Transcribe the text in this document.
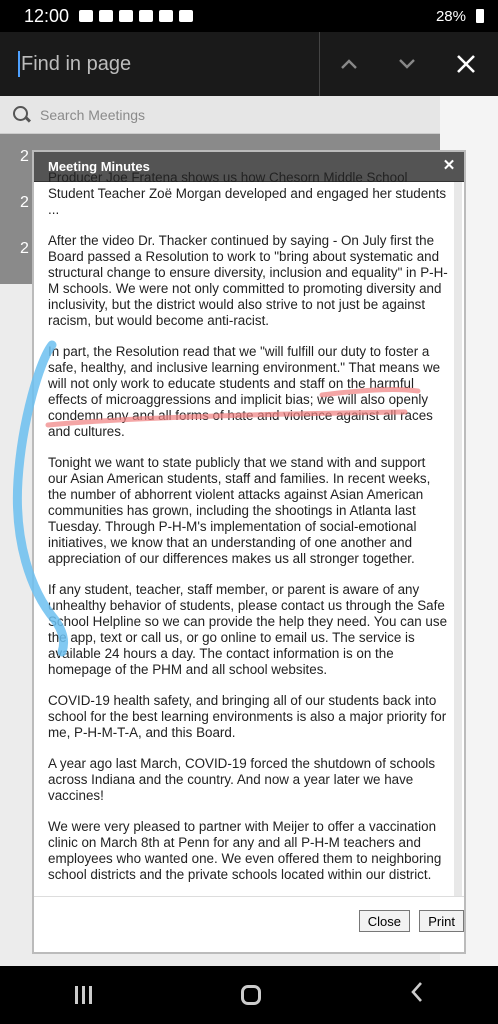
12:00	28%
Find in page
Search Meetings
2
2
2
Meeting Minutes	✕

Producer Joe Fratena shows us how Chesorn Middle School Student Teacher Zoë Morgan developed and engaged her students ...

After the video Dr. Thacker continued by saying - On July first the Board passed a Resolution to work to "bring about systematic and structural change to ensure diversity, inclusion and equality" in P-H-M schools. We were not only committed to promoting diversity and inclusivity, but the district would also strive to not just be against racism, but would become anti-racist.

In part, the Resolution read that we "will fulfill our duty to foster a safe, healthy, and inclusive learning environment." That means we will not only work to educate students and staff on the harmful effects of microaggressions and implicit bias; we will also openly condemn any and all forms of hate and violence against all races and cultures.

Tonight we want to state publicly that we stand with and support our Asian American students, staff and families. In recent weeks, the number of abhorrent violent attacks against Asian American communities has grown, including the shootings in Atlanta last Tuesday. Through P-H-M's implementation of social-emotional initiatives, we know that an understanding of one another and appreciation of our differences makes us all stronger together.

If any student, teacher, staff member, or parent is aware of any unhealthy behavior of students, please contact us through the Safe School Helpline so we can provide the help they need. You can use the app, text or call us, or go online to email us. The service is available 24 hours a day. The contact information is on the homepage of the PHM and all school websites.

COVID-19 health safety, and bringing all of our students back into school for the best learning environments is also a major priority for me, P-H-M-T-A, and this Board.

A year ago last March, COVID-19 forced the shutdown of schools across Indiana and the country. And now a year later we have vaccines!

We were very pleased to partner with Meijer to offer a vaccination clinic on March 8th at Penn for any and all P-H-M teachers and employees who wanted one. We even offered them to neighboring school districts and the private schools located within our district.

Close	Print
